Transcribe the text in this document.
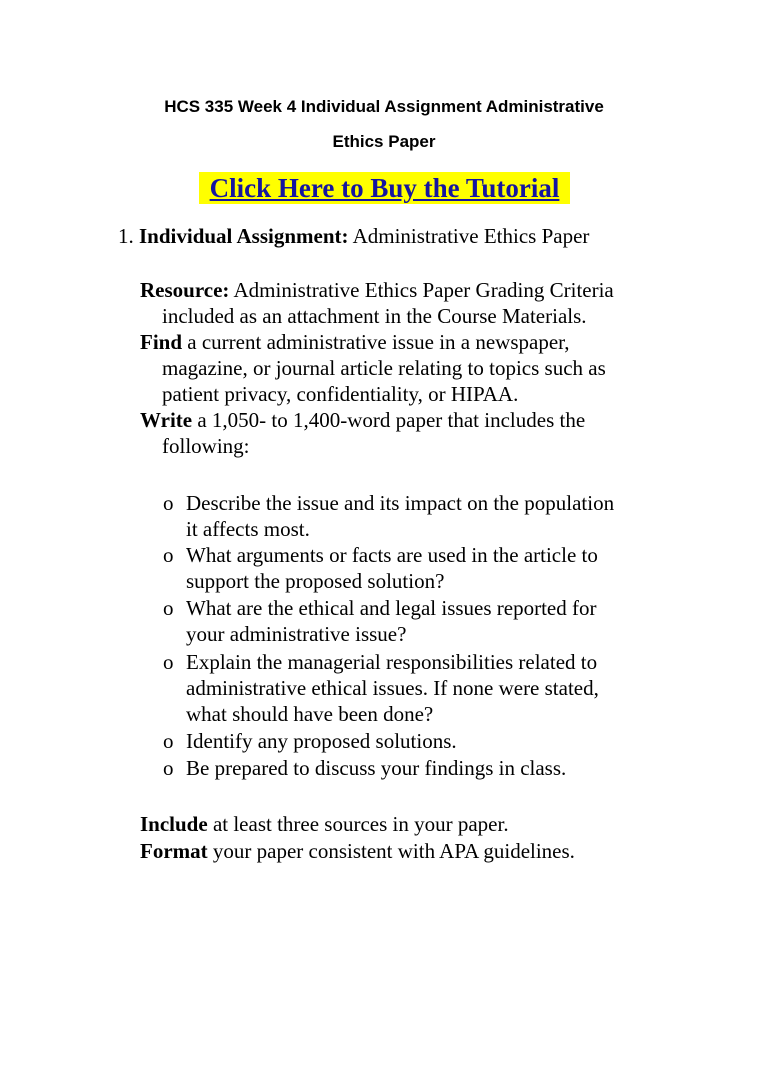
HCS 335 Week 4 Individual Assignment Administrative
Ethics Paper
Click Here to Buy the Tutorial
1. Individual Assignment: Administrative Ethics Paper
Resource: Administrative Ethics Paper Grading Criteria
included as an attachment in the Course Materials.
Find a current administrative issue in a newspaper,
magazine, or journal article relating to topics such as
patient privacy, confidentiality, or HIPAA.
Write a 1,050- to 1,400-word paper that includes the
following:
o Describe the issue and its impact on the population
it affects most.
o What arguments or facts are used in the article to
support the proposed solution?
o What are the ethical and legal issues reported for
your administrative issue?
o Explain the managerial responsibilities related to
administrative ethical issues. If none were stated,
what should have been done?
o Identify any proposed solutions.
o Be prepared to discuss your findings in class.
Include at least three sources in your paper.
Format your paper consistent with APA guidelines.
